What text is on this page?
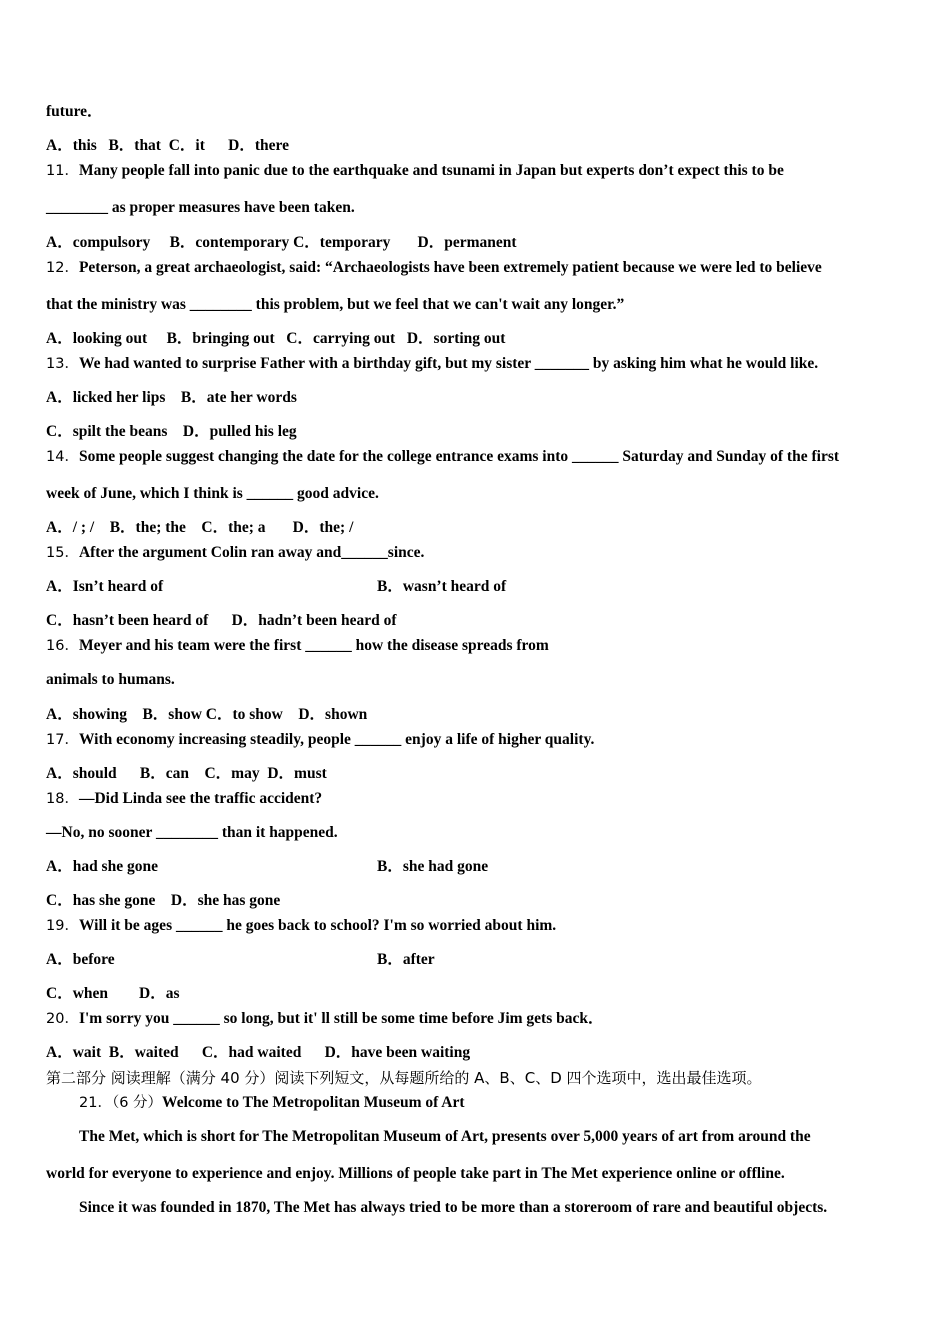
future．
A．this   B．that  C．it      D．there
11．Many people fall into panic due to the earthquake and tsunami in Japan but experts don’t expect this to be
________ as proper measures have been taken.
A．compulsory     B．contemporary C．temporary       D．permanent
12．Peterson, a great archaeologist, said: “Archaeologists have been extremely patient because we were led to believe
that the ministry was ________ this problem, but we feel that we can't wait any longer.”
A．looking out     B．bringing out   C．carrying out   D．sorting out
13．We had wanted to surprise Father with a birthday gift, but my sister _______ by asking him what he would like.
A．licked her lips    B．ate her words
C．spilt the beans    D．pulled his leg
14．Some people suggest changing the date for the college entrance exams into ______ Saturday and Sunday of the first
week of June, which I think is ______ good advice.
A．/ ; /    B．the; the    C．the; a       D．the; /
15．After the argument Colin ran away and______since.
A．Isn’t heard of	B．wasn’t heard of
C．hasn’t been heard of      D．hadn’t been heard of
16．Meyer and his team were the first ______ how the disease spreads from
animals to humans.
A．showing    B．show C．to show    D．shown
17．With economy increasing steadily, people ______ enjoy a life of higher quality.
A．should      B．can    C．may  D．must
18．—Did Linda see the traffic accident?
—No, no sooner ________ than it happened.
A．had she gone	B．she had gone
C．has she gone    D．she has gone
19．Will it be ages ______ he goes back to school? I'm so worried about him.
A．before	B．after
C．when        D．as
20．I'm sorry you ______ so long, but it' ll still be some time before Jim gets back．
A．wait  B．waited      C．had waited      D．have been waiting
第二部分 阅读理解（满分 40 分）阅读下列短文，从每题所给的 A、B、C、D 四个选项中，选出最佳选项。
21．（6 分）Welcome to The Metropolitan Museum of Art
The Met, which is short for The Metropolitan Museum of Art, presents over 5,000 years of art from around the
world for everyone to experience and enjoy. Millions of people take part in The Met experience online or offline.
Since it was founded in 1870, The Met has always tried to be more than a storeroom of rare and beautiful objects.
